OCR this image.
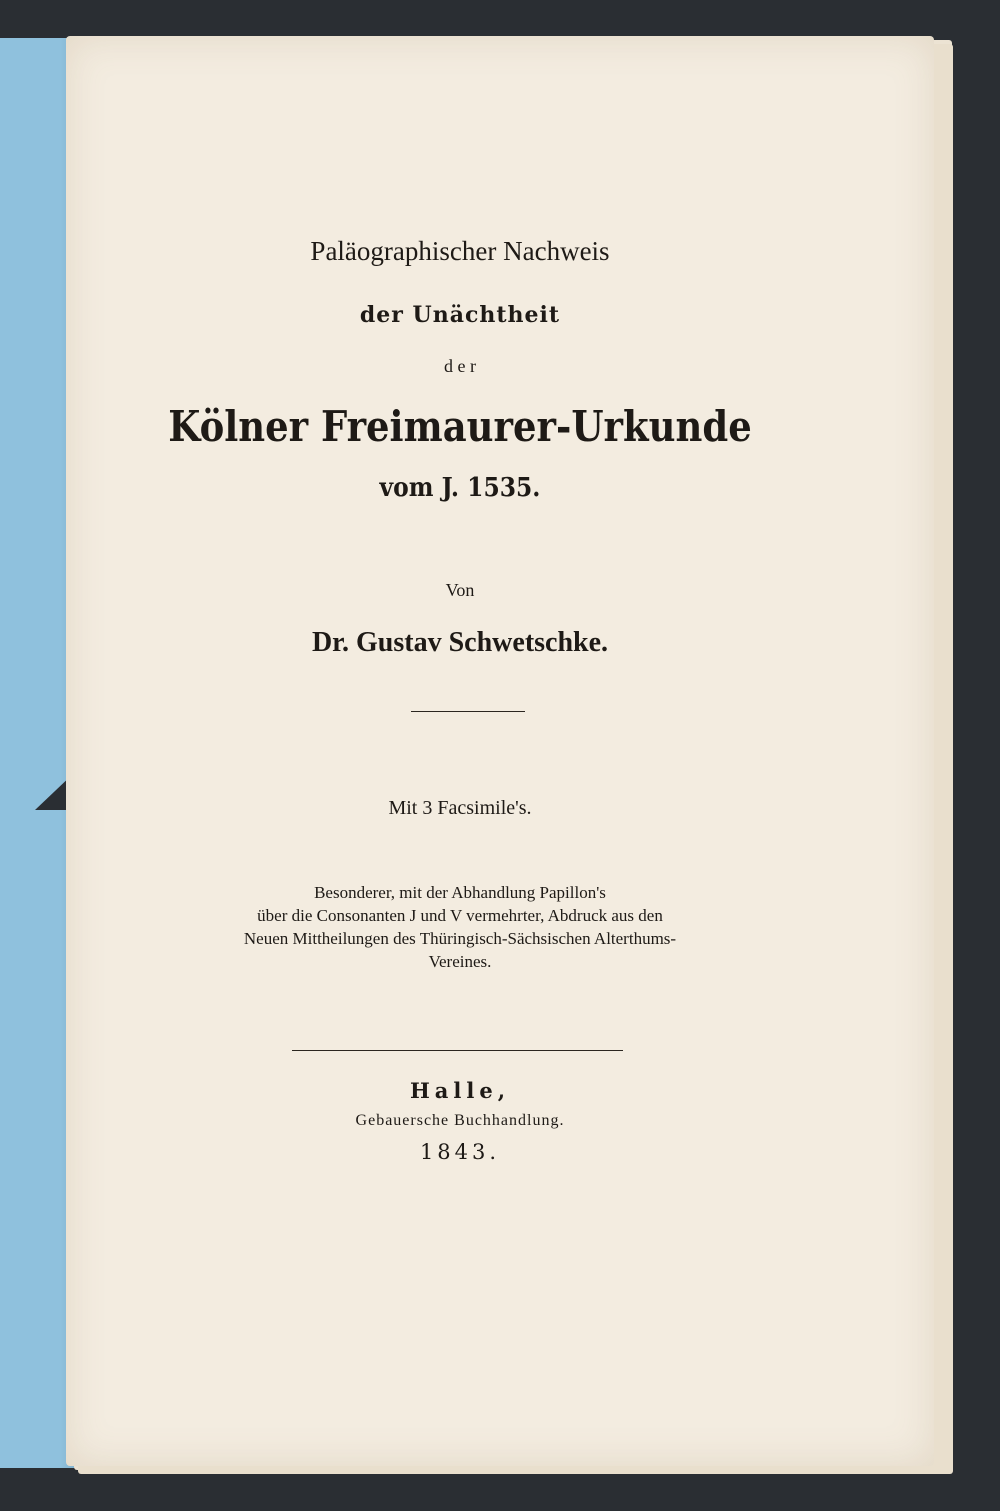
Paläographischer Nachweis
der Unächtheit
d e r
Kölner Freimaurer-Urkunde
vom J. 1535.
Von
Dr. Gustav Schwetschke.
Mit 3 Facsimile's.
Besonderer, mit der Abhandlung Papillon's
über die Consonanten J und V vermehrter, Abdruck aus den
Neuen Mittheilungen des Thüringisch-Sächsischen Alterthums-
Vereines.
Halle,
Gebauersche Buchhandlung.
1843.
